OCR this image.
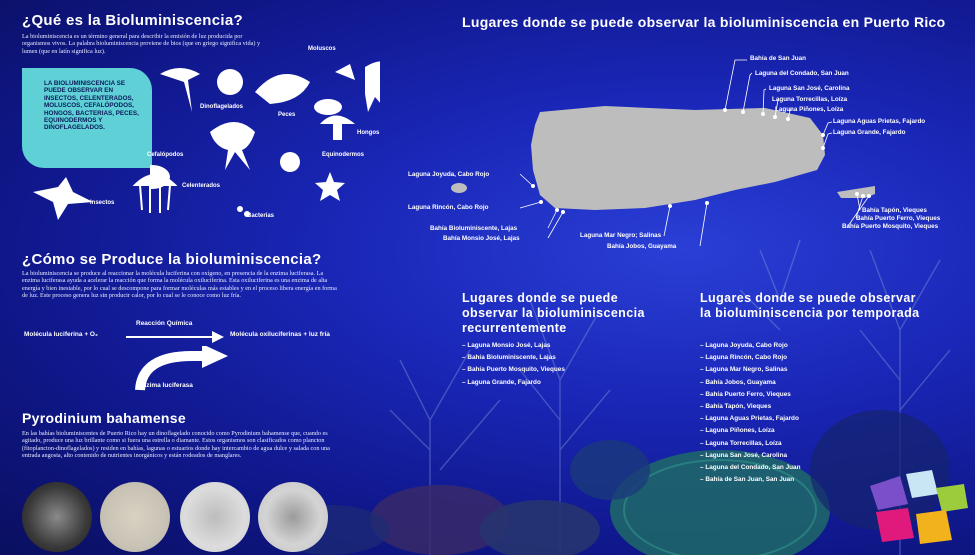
¿Qué es la Bioluminiscencia?
La bioluminiscencia es un término general para describir la emisión de luz producida por organismos vivos. La palabra bioluminiscencia proviene de bios (que en griego significa vida) y lumen (que en latín significa luz).
LA BIOLUMINISCENCIA SE PUEDE OBSERVAR EN INSECTOS, CELENTERADOS, MOLUSCOS, CEFALÓPODOS, HONGOS, BACTERIAS, PECES, EQUINODERMOS Y DINOFLAGELADOS.
Moluscos
Dinoflagelados
Peces
Hongos
Equinodermos
Cefalópodos
Celenterados
Insectos
Bacterias
¿Cómo se Produce la bioluminiscencia?
La bioluminiscencia se produce al reaccionar la molécula luciferina con oxígeno, en presencia de la enzima luciferasa. La enzima luciferasa ayuda a acelerar la reacción que forma la molécula oxiluciferina. Esta oxiluciferina es una enzima de alta energía y bien inestable, por lo cual se descompone para formar moléculas más estables y en el proceso libera energía en forma de luz. Este proceso genera luz sin producir calor, por lo cual se le conoce como luz fría.
Molécula luciferina + O₂
Reacción Química
Molécula oxiluciferinas + luz fría
Enzima luciferasa
Pyrodinium bahamense
En las bahías bioluminiscentes de Puerto Rico hay un dinoflagelado conocido como Pyrodinium bahamense que, cuando es agitado, produce una luz brillante como si fuera una estrella o diamante. Estos organismos son clasificados como plancton (fitoplancton-dinoflagelados) y residen en bahías, lagunas o estuarios donde hay intercambio de agua dulce y salada con una entrada angosta, alto contenido de nutrientes inorgánicos y están rodeados de manglares.
Lugares donde se puede observar la bioluminiscencia en Puerto Rico
Bahía de San Juan
Laguna del Condado, San Juan
Laguna San José, Carolina
Laguna Torrecillas, Loíza
Laguna Piñones, Loíza
Laguna Aguas Prietas, Fajardo
Laguna Grande, Fajardo
Laguna Joyuda, Cabo Rojo
Laguna Rincón, Cabo Rojo
Bahía Bioluminiscente, Lajas
Bahía Monsio José, Lajas	Laguna Mar Negro; Salinas
Bahía Jobos, Guayama
Bahía Tapón, Vieques
Bahía Puerto Ferro, Vieques
Bahía Puerto Mosquito, Vieques
Lugares donde se puede observar la bioluminiscencia recurrentemente
– Laguna Monsio José, Lajas
– Bahía Bioluminiscente, Lajas
– Bahía Puerto Mosquito, Vieques
– Laguna Grande, Fajardo
Lugares donde se puede observar la bioluminiscencia por temporada
– Laguna Joyuda, Cabo Rojo
– Laguna Rincón, Cabo Rojo
– Laguna Mar Negro, Salinas
– Bahía Jobos, Guayama
– Bahía Puerto Ferro, Vieques
– Bahía Tapón, Vieques
– Laguna Aguas Prietas, Fajardo
– Laguna Piñones, Loíza
– Laguna Torrecillas, Loíza
– Laguna San José, Carolina
– Laguna del Condado, San Juan
– Bahía de San Juan, San Juan
